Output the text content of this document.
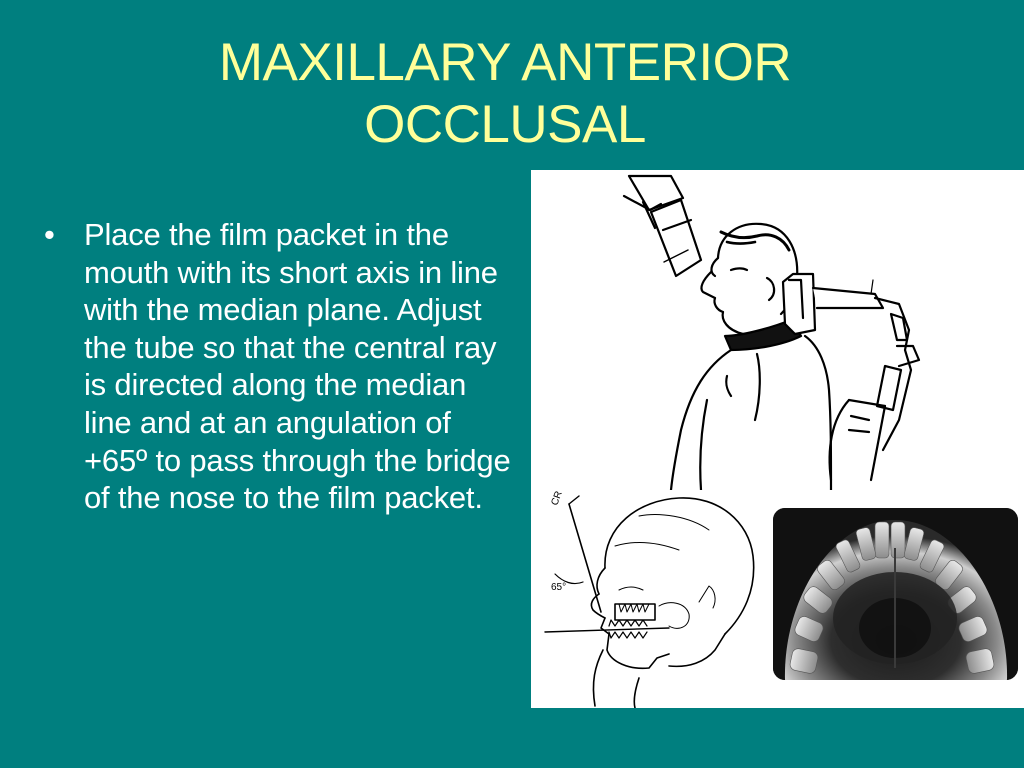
MAXILLARY ANTERIOR
OCCLUSAL
• Place the film packet in the mouth with its short axis in line with the median plane. Adjust the tube so that the central ray is directed along the median line and at an angulation of +65º to pass through the bridge of the nose to the film packet.	CR
65°
